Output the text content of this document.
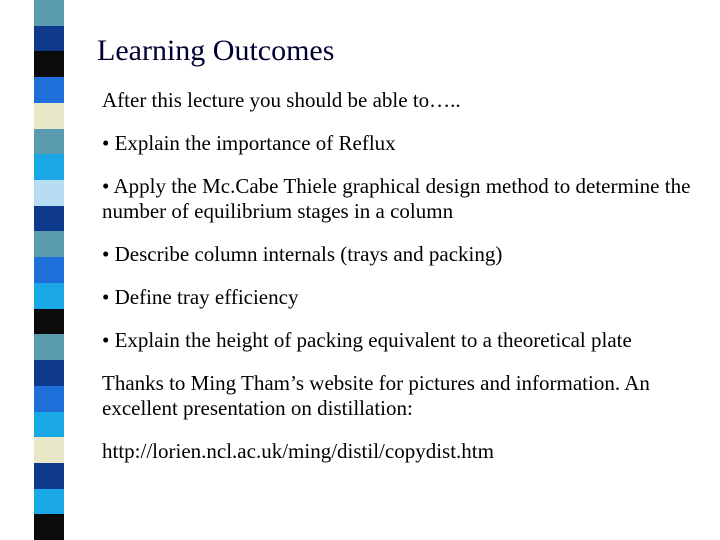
Learning Outcomes

After this lecture you should be able to…..

• Explain the importance of Reflux

• Apply the Mc.Cabe Thiele graphical design method to determine the number of equilibrium stages in a column

• Describe column internals (trays and packing)

• Define tray efficiency

• Explain the height of packing equivalent to a theoretical plate

Thanks to Ming Tham’s website for pictures and information. An excellent presentation on distillation:

http://lorien.ncl.ac.uk/ming/distil/copydist.htm
